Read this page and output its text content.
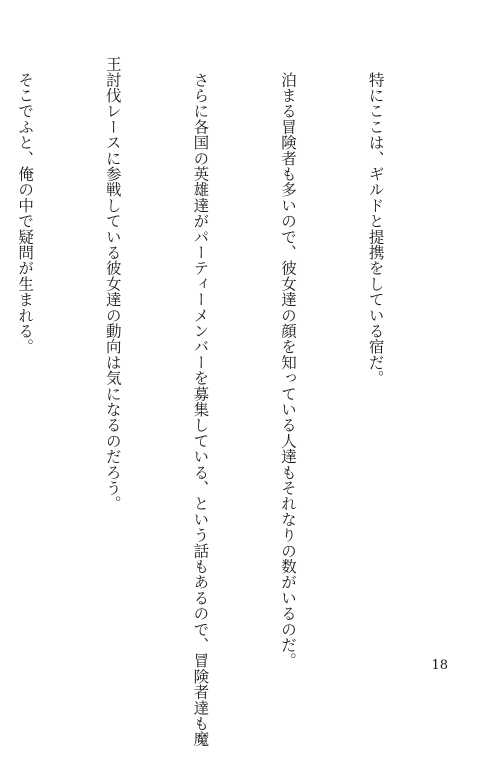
　特にここは、ギルドと提携をしている宿だ。

　泊まる冒険者も多いので、彼女達の顔を知っている人達もそれなりの数がいるのだ。

　さらに各国の英雄達がパーティーメンバーを募集している、という話もあるので、冒険者達も魔

王討伐レースに参戦している彼女達の動向は気になるのだろう。

　そこでふと、俺の中で疑問が生まれる。

18
